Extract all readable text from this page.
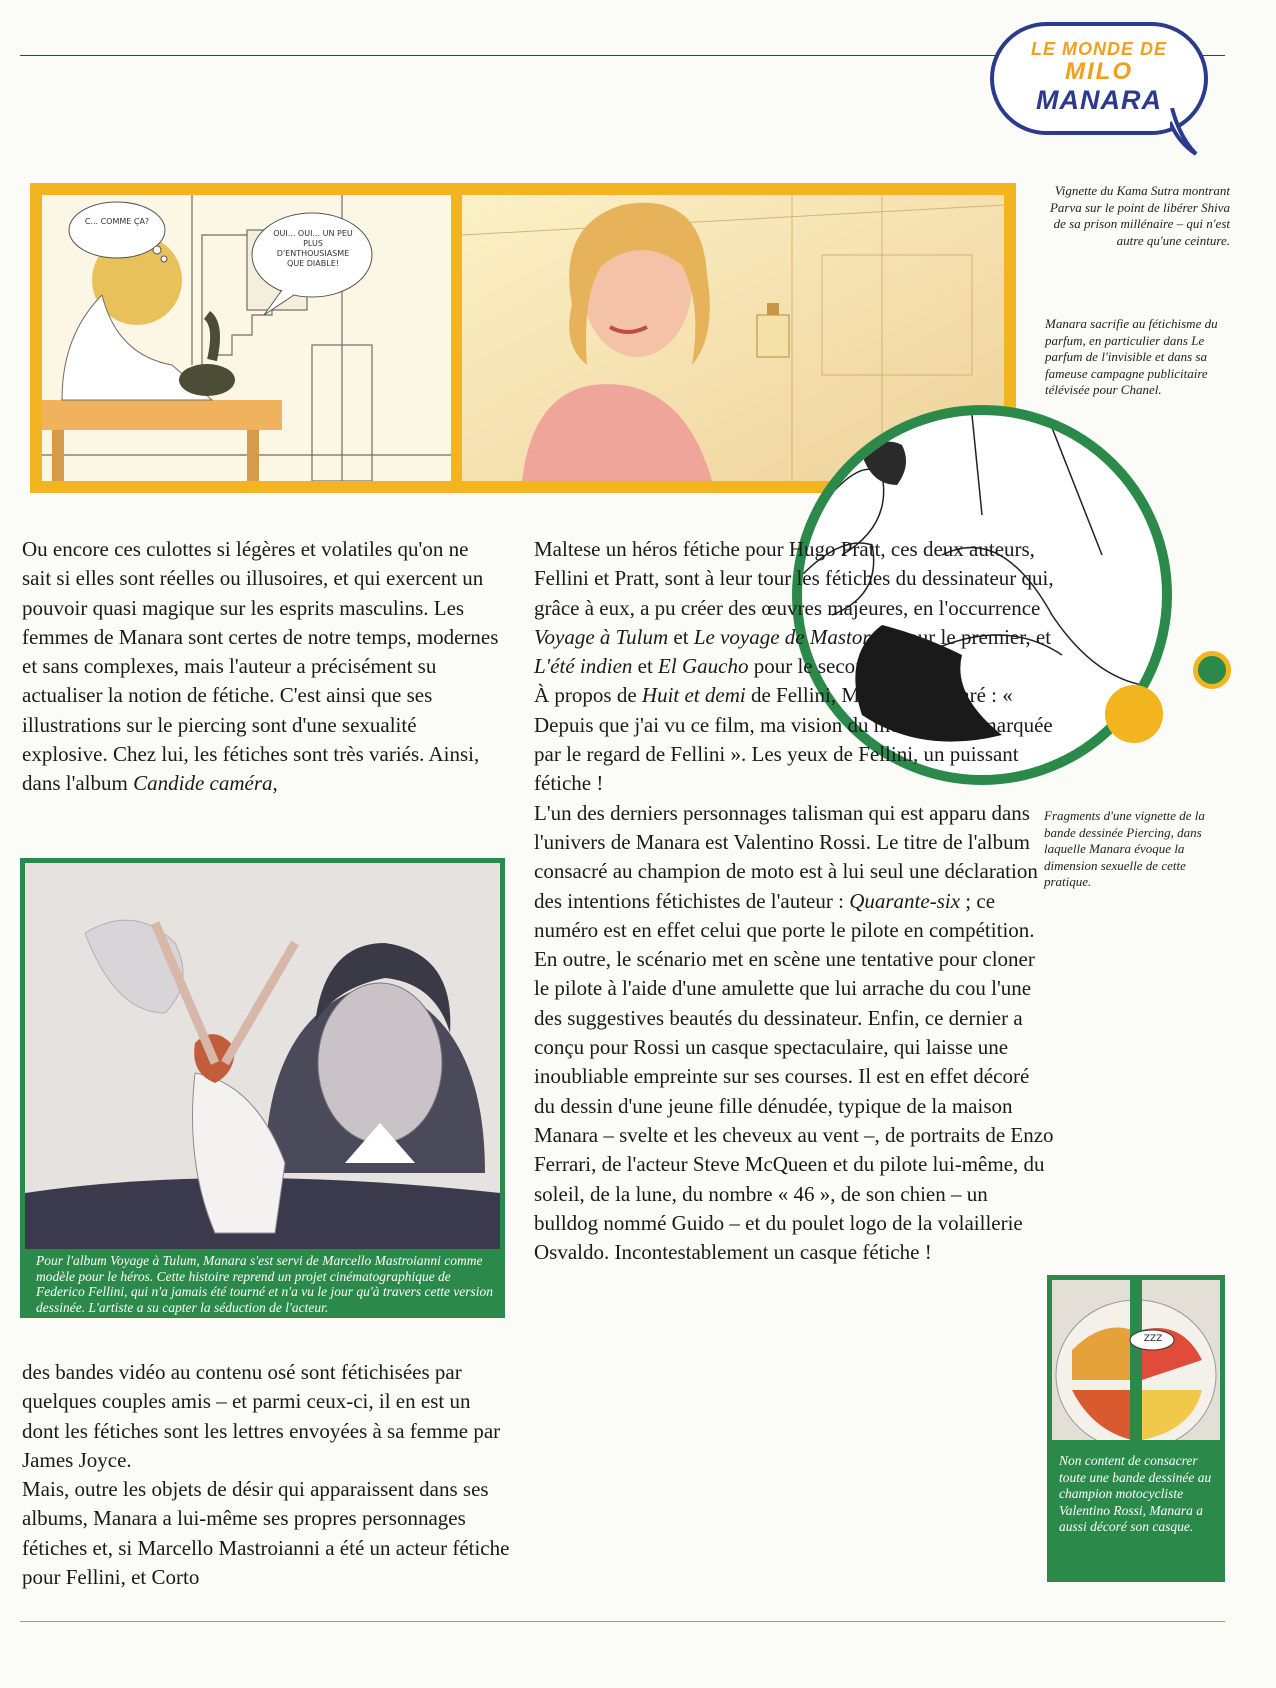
LE MONDE DE
MILO
MANARA
C... COMME ÇA?
OUI... OUI... UN PEU PLUS D'ENTHOUSIASME QUE DIABLE!
Vignette du Kama Sutra montrant Parva sur le point de libérer Shiva de sa prison millénaire – qui n'est autre qu'une ceinture.
Manara sacrifie au fétichisme du parfum, en particulier dans Le parfum de l'invisible et dans sa fameuse campagne publicitaire télévisée pour Chanel.
Fragments d'une vignette de la bande dessinée Piercing, dans laquelle Manara évoque la dimension sexuelle de cette pratique.

Ou encore ces culottes si légères et volatiles qu'on ne sait si elles sont réelles ou illusoires, et qui exercent un pouvoir quasi magique sur les esprits masculins. Les femmes de Manara sont certes de notre temps, modernes et sans complexes, mais l'auteur a précisément su actualiser la notion de fétiche. C'est ainsi que ses illustrations sur le piercing sont d'une sexualité explosive. Chez lui, les fétiches sont très variés. Ainsi, dans l'album Candide caméra,

Pour l'album Voyage à Tulum, Manara s'est servi de Marcello Mastroianni comme modèle pour le héros. Cette histoire reprend un projet cinématographique de Federico Fellini, qui n'a jamais été tourné et n'a vu le jour qu'à travers cette version dessinée. L'artiste a su capter la séduction de l'acteur.

des bandes vidéo au contenu osé sont fétichisées par quelques couples amis – et parmi ceux-ci, il en est un dont les fétiches sont les lettres envoyées à sa femme par James Joyce.

Mais, outre les objets de désir qui apparaissent dans ses albums, Manara a lui-même ses propres personnages fétiches et, si Marcello Mastroianni a été un acteur fétiche pour Fellini, et Corto

Maltese un héros fétiche pour Hugo Pratt, ces deux auteurs, Fellini et Pratt, sont à leur tour les fétiches du dessinateur qui, grâce à eux, a pu créer des œuvres majeures, en l'occurrence Voyage à Tulum et Le voyage de Mastorna pour le premier, et L'été indien et El Gaucho pour le second.

À propos de Huit et demi de Fellini, Manara a déclaré : « Depuis que j'ai vu ce film, ma vision du monde a été marquée par le regard de Fellini ». Les yeux de Fellini, un puissant fétiche !

L'un des derniers personnages talisman qui est apparu dans l'univers de Manara est Valentino Rossi. Le titre de l'album consacré au champion de moto est à lui seul une déclaration des intentions fétichistes de l'auteur : Quarante-six ; ce numéro est en effet celui que porte le pilote en compétition. En outre, le scénario met en scène une tentative pour cloner le pilote à l'aide d'une amulette que lui arrache du cou l'une des suggestives beautés du dessinateur. Enfin, ce dernier a conçu pour Rossi un casque spectaculaire, qui laisse une inoubliable empreinte sur ses courses. Il est en effet décoré du dessin d'une jeune fille dénudée, typique de la maison Manara – svelte et les cheveux au vent –, de portraits de Enzo Ferrari, de l'acteur Steve McQueen et du pilote lui-même, du soleil, de la lune, du nombre « 46 », de son chien – un bulldog nommé Guido – et du poulet logo de la volaillerie Osvaldo. Incontestablement un casque fétiche !

ZZZ
Non content de consacrer toute une bande dessinée au champion motocycliste Valentino Rossi, Manara a aussi décoré son casque.
